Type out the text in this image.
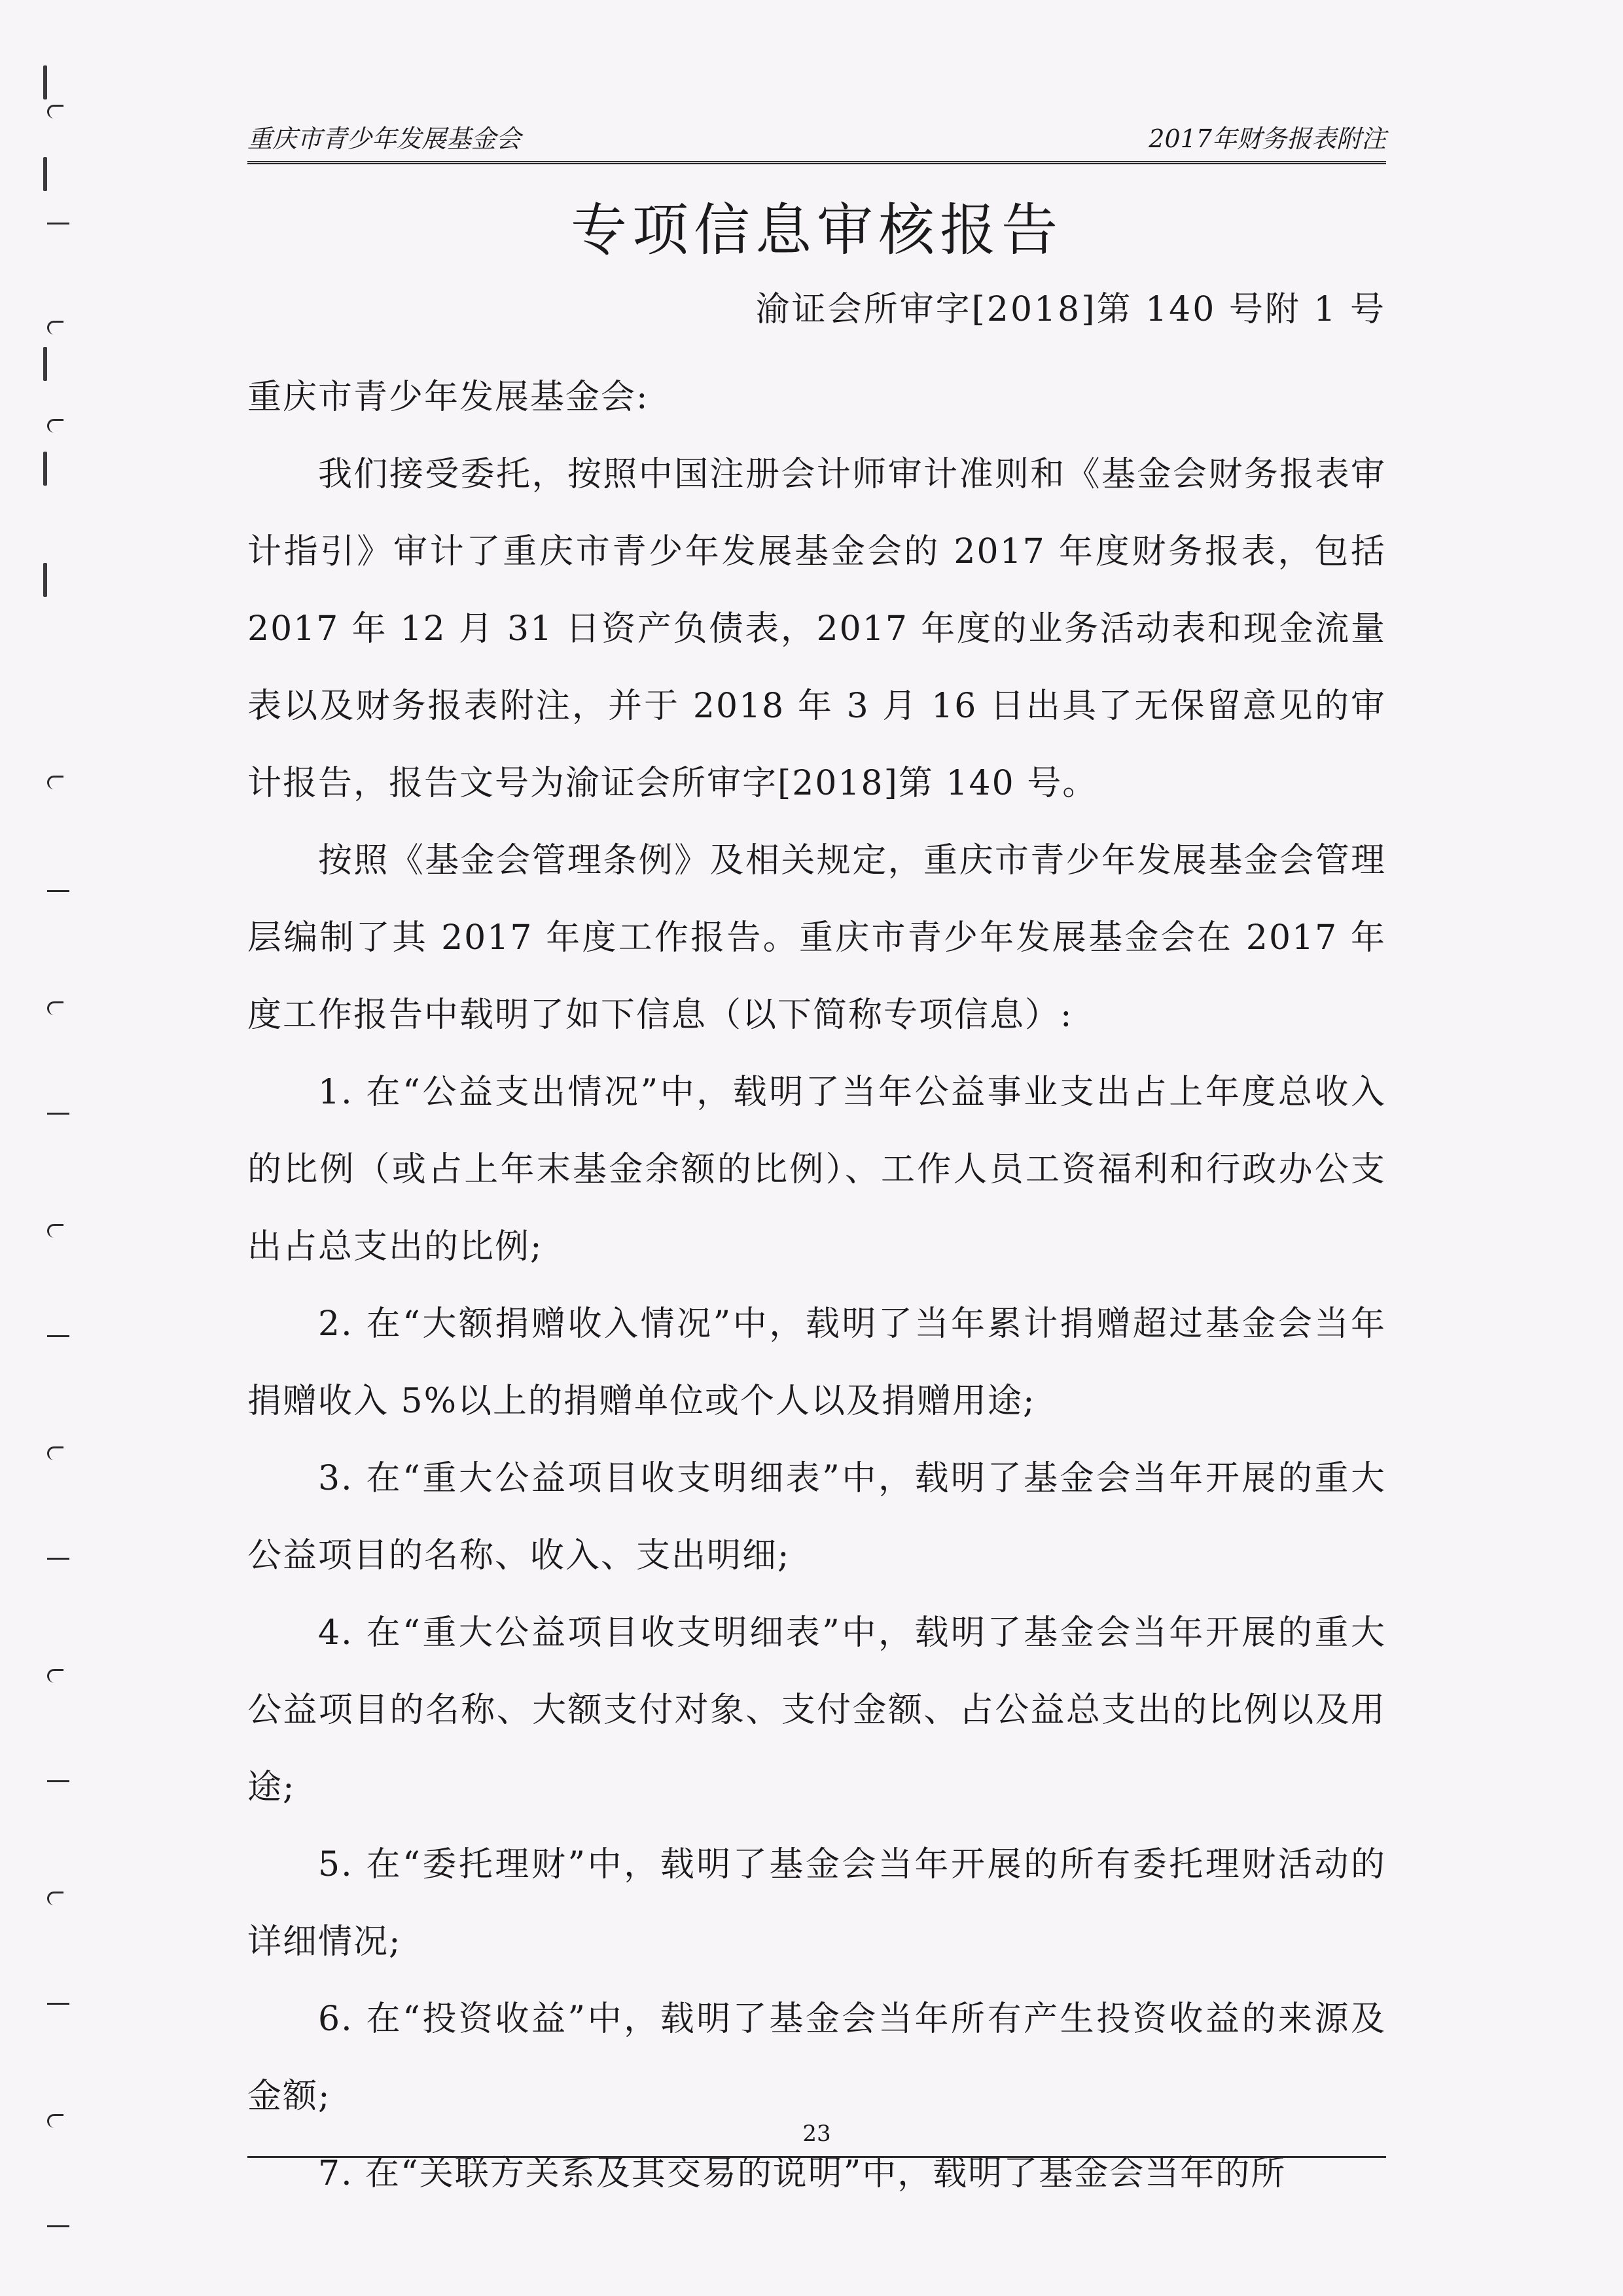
重庆市青少年发展基金会	2017年财务报表附注
专项信息审核报告
渝证会所审字[2018]第 140 号附 1 号

重庆市青少年发展基金会:

我们接受委托，按照中国注册会计师审计准则和《基金会财务报表审计指引》审计了重庆市青少年发展基金会的 2017 年度财务报表，包括 2017 年 12 月 31 日资产负债表，2017 年度的业务活动表和现金流量表以及财务报表附注，并于 2018 年 3 月 16 日出具了无保留意见的审计报告，报告文号为渝证会所审字[2018]第 140 号。

按照《基金会管理条例》及相关规定，重庆市青少年发展基金会管理层编制了其 2017 年度工作报告。重庆市青少年发展基金会在 2017 年度工作报告中载明了如下信息（以下简称专项信息）:

1. 在“公益支出情况”中，载明了当年公益事业支出占上年度总收入的比例（或占上年末基金余额的比例）、工作人员工资福利和行政办公支出占总支出的比例;

2. 在“大额捐赠收入情况”中，载明了当年累计捐赠超过基金会当年捐赠收入 5%以上的捐赠单位或个人以及捐赠用途;

3. 在“重大公益项目收支明细表”中，载明了基金会当年开展的重大公益项目的名称、收入、支出明细;

4. 在“重大公益项目收支明细表”中，载明了基金会当年开展的重大公益项目的名称、大额支付对象、支付金额、占公益总支出的比例以及用途;

5. 在“委托理财”中，载明了基金会当年开展的所有委托理财活动的详细情况;

6. 在“投资收益”中，载明了基金会当年所有产生投资收益的来源及金额;

7. 在“关联方关系及其交易的说明”中，载明了基金会当年的所

23
